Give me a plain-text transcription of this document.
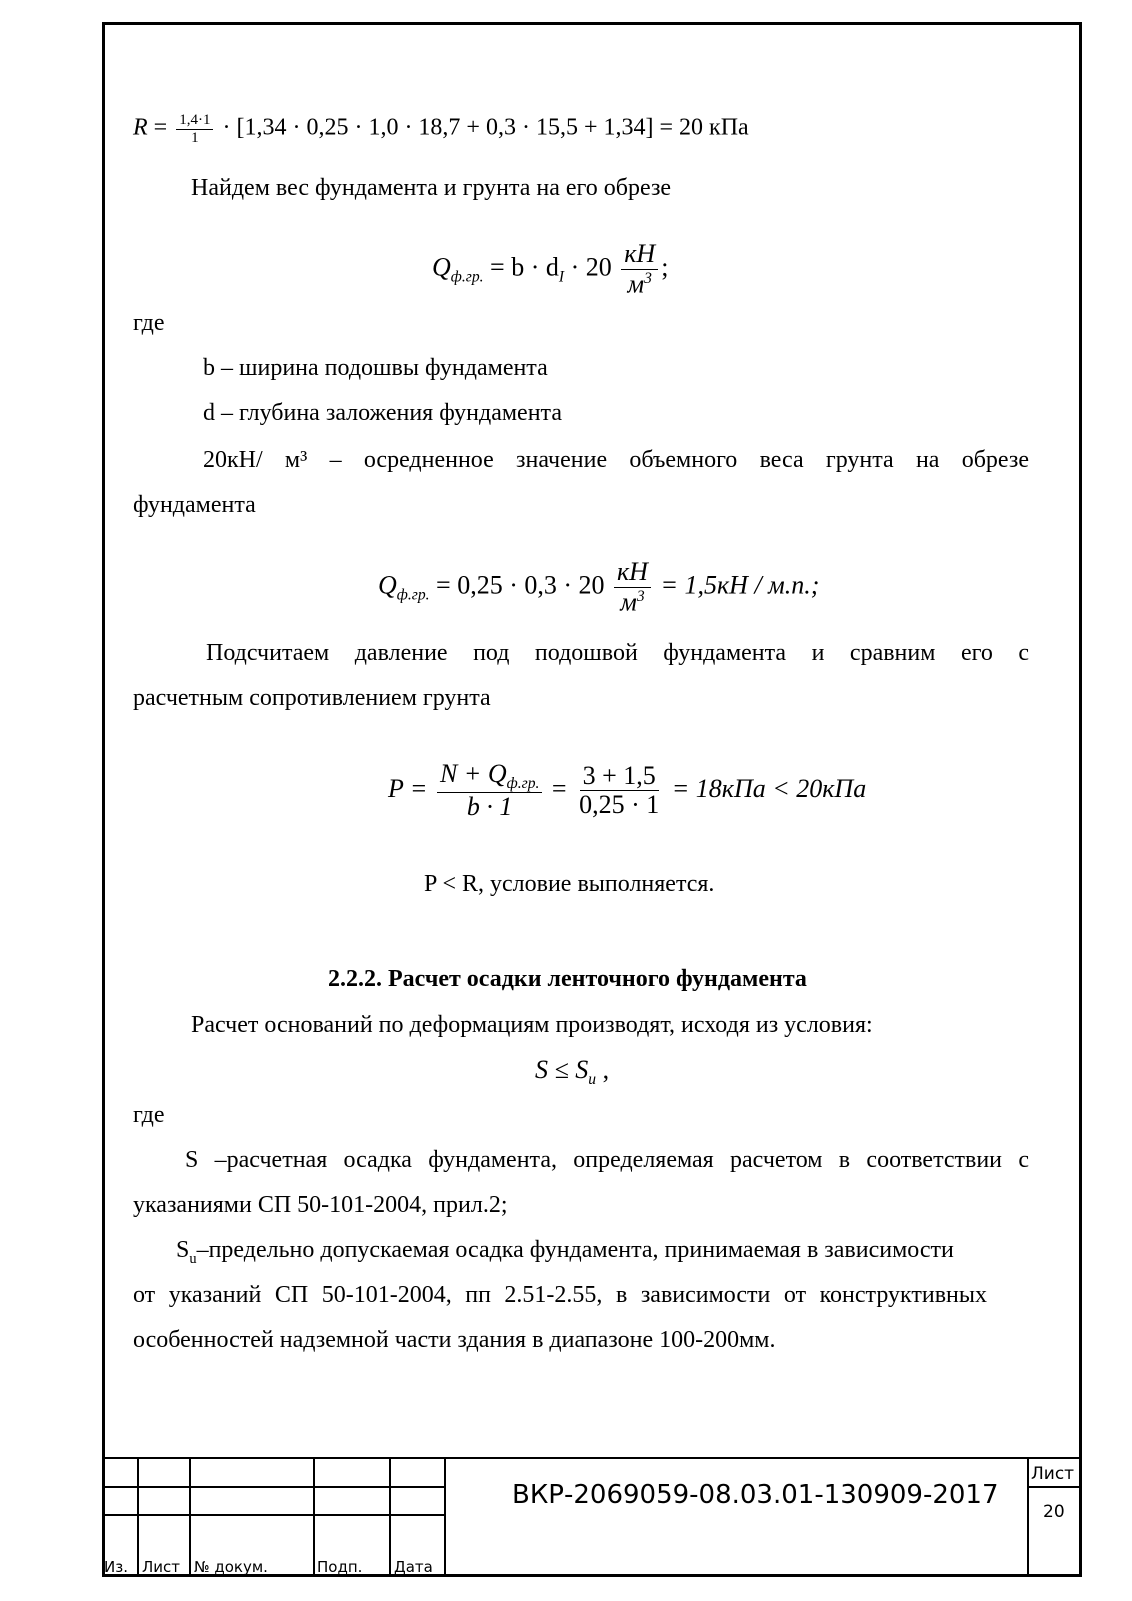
$R = \frac{1,4\cdot 1}{1} \cdot [1,34 \cdot 0,25 \cdot 1,0 \cdot 18,7 + 0,3 \cdot 15,5 + 1,34] = 20$ кПа
Найдем вес фундамента и грунта на его обрезе
$Q_{ф.гр.} = b \cdot d_I \cdot 20 \frac{кН}{м^3}$ ;
где
b – ширина подошвы фундамента
d – глубина заложения фундамента
20кН/ м³ – осредненное значение объемного веса грунта на обрезе
фундамента
$Q_{ф.гр.} = 0,25 \cdot 0,3 \cdot 20 \frac{кН}{м^3} = 1,5кН / м.п$.;
Подсчитаем давление под подошвой фундамента и сравним его с
расчетным сопротивлением грунта
$P = \frac{N + Q_{ф.гр.}}{b \cdot 1} = \frac{3 + 1,5}{0,25 \cdot 1} = 18кПа < 20кПа$
P < R, условие выполняется.
2.2.2. Расчет осадки ленточного фундамента
Расчет оснований по деформациям производят, исходя из условия:
$S \le S_u$ ,
где
S –расчетная осадка фундамента, определяемая расчетом в соответствии с
указаниями СП 50-101-2004, прил.2;
$S_u$–предельно допускаемая осадка фундамента, принимаемая в зависимости
от указаний СП 50-101-2004, пп 2.51-2.55, в зависимости от конструктивных
особенностей надземной части здания в диапазоне 100-200мм.
Из. Лист № докум.	Подп. Дата
ВКР-2069059-08.03.01-130909-2017
Лист
20
